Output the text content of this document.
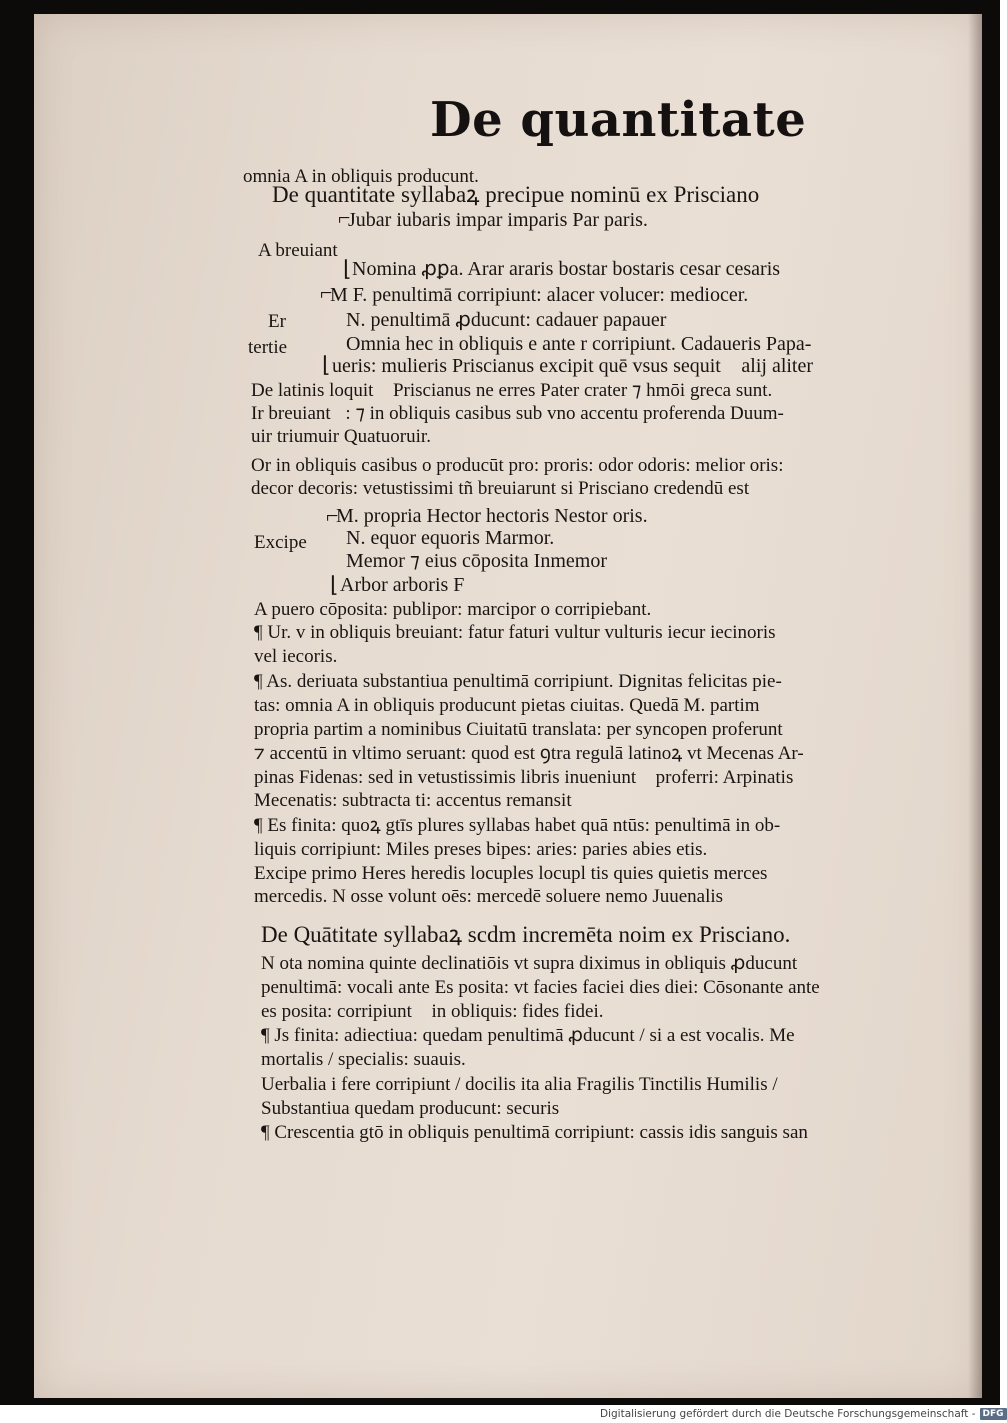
De quantitate
omnia A in obliquis producunt.
De quantitate syllabaꝝ precipue nominū ex Prisciano
⌐
Jubar iubaris impar imparis Par paris.
A breuiant
⌊ Nomina ꝓꝑa. Arar araris bostar bostaris cesar cesaris
⌐
M F. penultimā corripiunt: alacer volucer: mediocer.
Er	N. penultimā ꝓducunt: cadauer papauer
tertie	Omnia hec in obliquis e ante r corripiunt. Cadaueris Papa-
⌊ ueris: mulieris Priscianus excipit quē vsus sequit᷑ alij aliter
De latinis loquit᷑ Priscianus ne erres Pater crater ⁊ hmōi greca sunt.
Ir breuiant᷑: ⁊ in obliquis casibus sub vno accentu proferenda Duum-
uir triumuir Quatuoruir.
Or in obliquis casibus o producūt pro: proris: odor odoris: melior oris:
decor decoris: vetustissimi tñ breuiarunt si Prisciano credendū est
⌐
M. propria Hector hectoris Nestor oris.
Excipe N. equor equoris Marmor.
Memor ⁊ eius cōposita Inmemor
⌊ Arbor arboris F
A puero cōposita: publipor: marcipor o corripiebant.
¶ Ur. v in obliquis breuiant: fatur faturi vultur vulturis iecur iecinoris
vel iecoris.
¶ As. deriuata substantiua penultimā corripiunt. Dignitas felicitas pie-
tas: omnia A in obliquis producunt pietas ciuitas. Quedā M. partim
propria partim a nominibus Ciuitatū translata: per syncopen proferunt᷑
⁊ accentū in vltimo seruant: quod est ꝯtra regulā latinoꝝ vt Mecenas Ar-
pinas Fidenas: sed in vetustissimis libris inueniunt᷑ proferri: Arpinatis
Mecenatis: subtracta ti: accentus remansit
¶ Es finita: quoꝝ gtīs plures syllabas habet quā ntūs: penultimā in ob-
liquis corripiunt: Miles preses bipes: aries: paries abies etis.
Excipe primo Heres heredis locuples locupl tis quies quietis merces
mercedis. N osse volunt oēs: mercedē soluere nemo Juuenalis
De Quātitate syllabaꝝ scdm incremēta noim ex Prisciano.
N ota nomina quinte declinatiōis vt supra diximus in obliquis ꝓducunt
penultimā: vocali ante Es posita: vt facies faciei dies diei: Cōsonante ante
es posita: corripiunt᷑ in obliquis: fides fidei.
¶ Js finita: adiectiua: quedam penultimā ꝓducunt / si a est vocalis. Me
mortalis / specialis: suauis.
Uerbalia i fere corripiunt / docilis ita alia Fragilis Tinctilis Humilis /
Substantiua quedam producunt: securis
¶ Crescentia gtō in obliquis penultimā corripiunt: cassis idis sanguis san
Digitalisierung gefördert durch die Deutsche Forschungsgemeinschaft - DFG
